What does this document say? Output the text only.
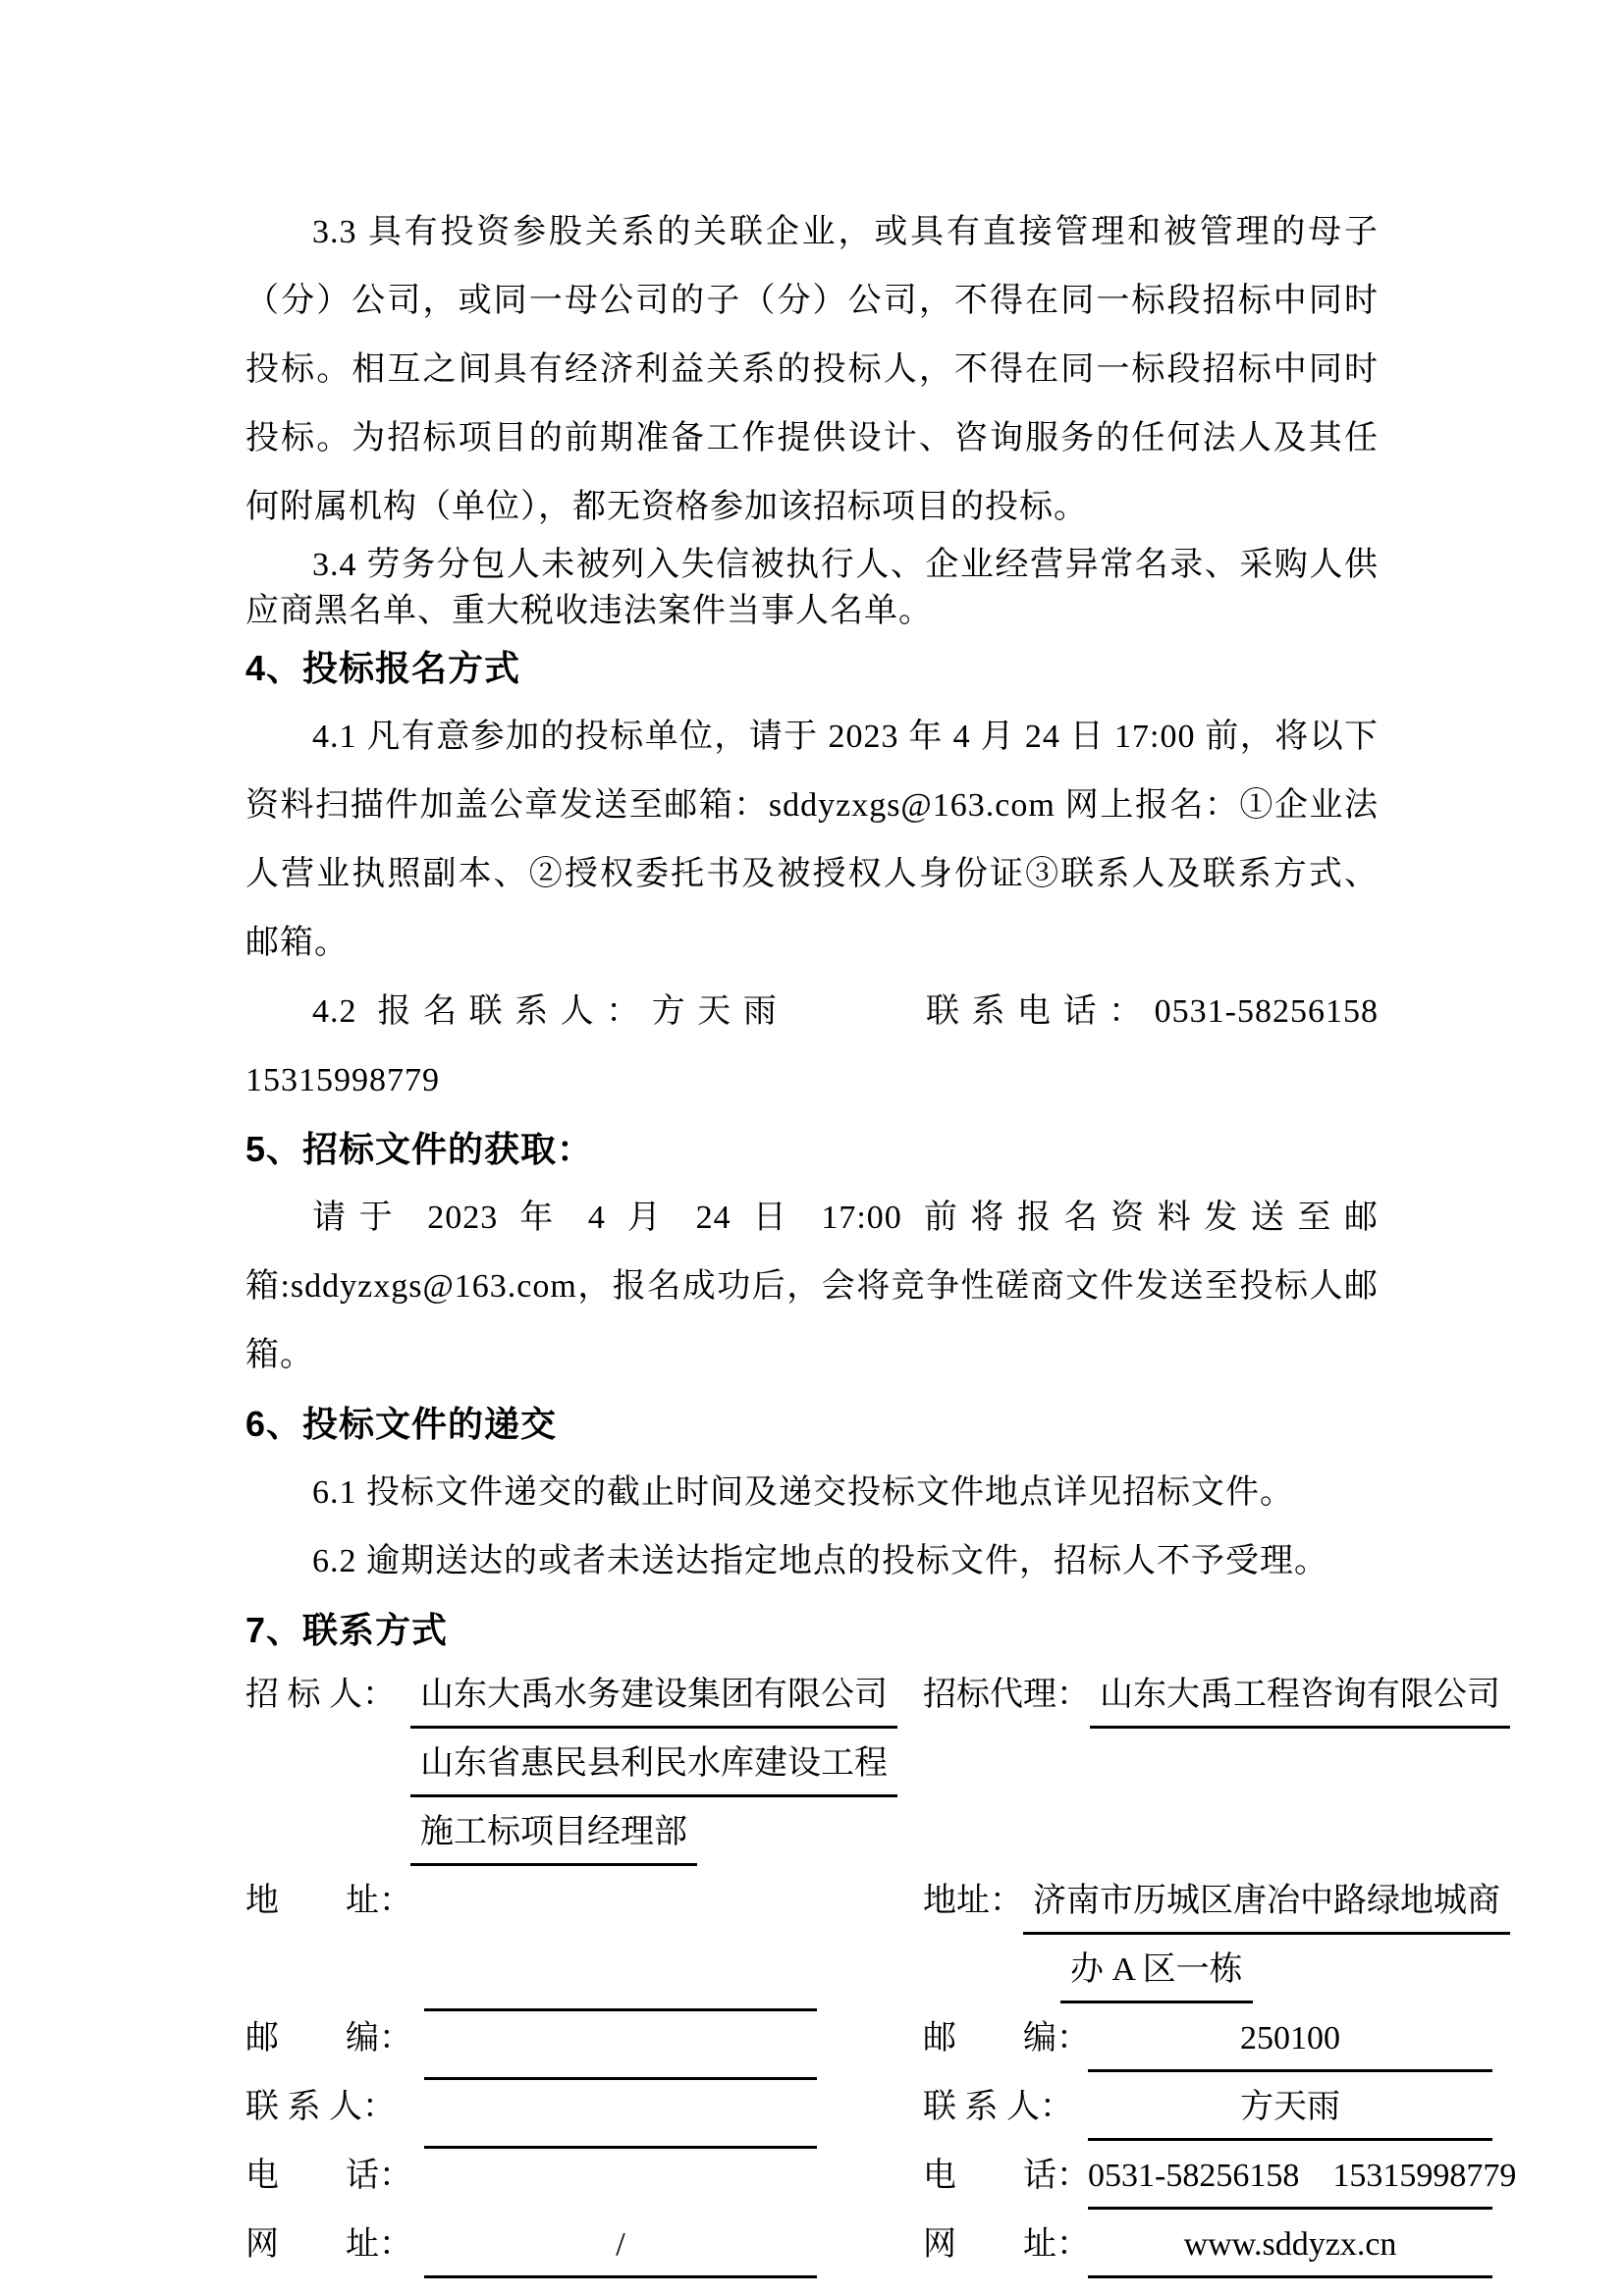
3.3 具有投资参股关系的关联企业，或具有直接管理和被管理的母子（分）公司，或同一母公司的子（分）公司，不得在同一标段招标中同时投标。相互之间具有经济利益关系的投标人，不得在同一标段招标中同时投标。为招标项目的前期准备工作提供设计、咨询服务的任何法人及其任何附属机构（单位），都无资格参加该招标项目的投标。

3.4 劳务分包人未被列入失信被执行人、企业经营异常名录、采购人供应商黑名单、重大税收违法案件当事人名单。

4、投标报名方式

4.1 凡有意参加的投标单位，请于 2023 年 4 月 24 日 17:00 前，将以下资料扫描件加盖公章发送至邮箱：sddyzxgs@163.com 网上报名：①企业法人营业执照副本、②授权委托书及被授权人身份证③联系人及联系方式、邮箱。

4.2 报名联系人：方天雨　　　联系电话：0531-58256158　　15315998779

5、招标文件的获取：

请于 2023 年 4 月 24 日 17:00 前将报名资料发送至邮箱:sddyzxgs@163.com，报名成功后，会将竞争性磋商文件发送至投标人邮箱。

6、投标文件的递交

6.1 投标文件递交的截止时间及递交投标文件地点详见招标文件。

6.2 逾期送达的或者未送达指定地点的投标文件，招标人不予受理。

7、联系方式
招 标 人： 山东大禹水务建设集团有限公司 招标代理： 山东大禹工程咨询有限公司
山东省惠民县利民水库建设工程
施工标项目经理部
地　　址：	地址： 济南市历城区唐冶中路绿地城商
办 A 区一栋
邮　　编：	邮　　编：	250100
联 系 人：	联 系 人：	方天雨
电　　话：	电　　话：
0531-58256158　15315998779
网　　址：	/	网　　址：	www.sddyzx.cn
